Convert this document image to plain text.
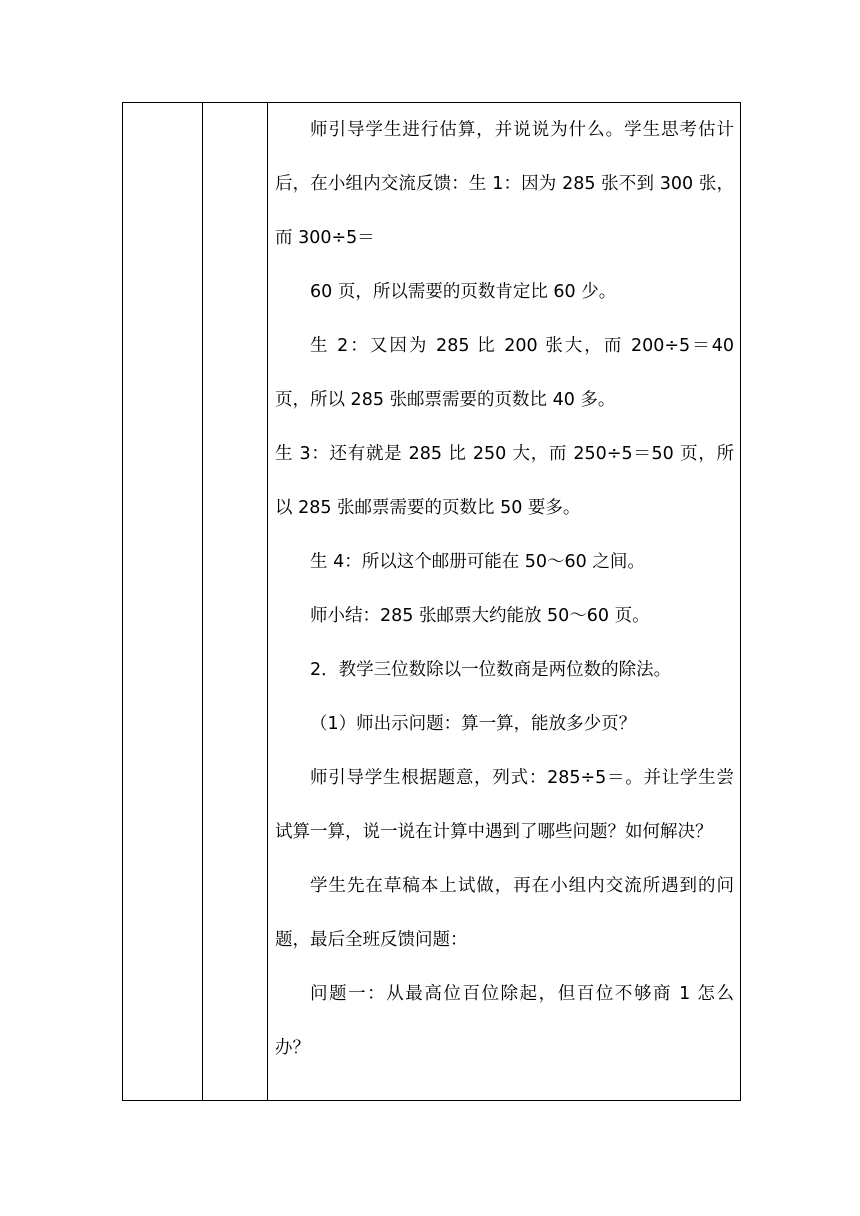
师引导学生进行估算，并说说为什么。学生思考估计后，在小组内交流反馈：生 1：因为 285 张不到 300 张，而 300÷5＝

60 页，所以需要的页数肯定比 60 少。

生 2：又因为 285 比 200 张大，而 200÷5＝40 页，所以 285 张邮票需要的页数比 40 多。

生 3：还有就是 285 比 250 大，而 250÷5＝50 页，所以 285 张邮票需要的页数比 50 要多。

生 4：所以这个邮册可能在 50～60 之间。

师小结：285 张邮票大约能放 50～60 页。

2．教学三位数除以一位数商是两位数的除法。

（1）师出示问题：算一算，能放多少页？

师引导学生根据题意，列式：285÷5＝。并让学生尝试算一算，说一说在计算中遇到了哪些问题？如何解决？

学生先在草稿本上试做，再在小组内交流所遇到的问题，最后全班反馈问题：

问题一：从最高位百位除起，但百位不够商 1 怎么办？
